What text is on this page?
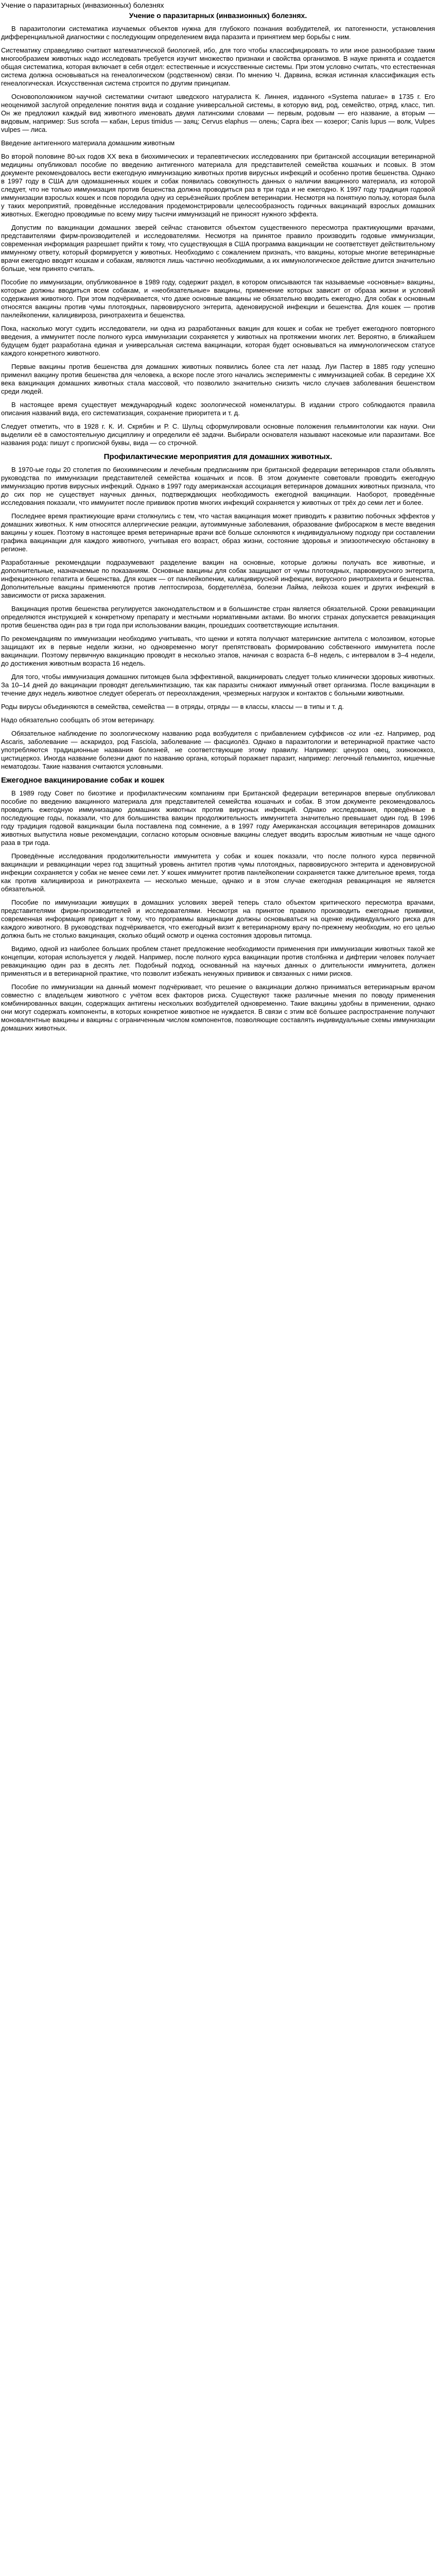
Учение о паразитарных (инвазионных) болезнях
Учение о паразитарных (инвазионных) болезнях.

В паразитологии систематика изучаемых объектов нужна для глубокого познания возбудителей, их патогенности, установления дифференциальной диагностики с последующим определением вида паразита и принятием мер борьбы с ним.

Систематику справедливо считают математической биологией, ибо, для того чтобы классифицировать то или иное разнообразие таким многообразием животных надо исследовать требуется изучит множество признаки и свойства организмов. В науке принята и создается общая систематика, которая включает в себя отдел: естественные и искусственные системы. При этом условно считать, что естественная система должна основываться на генеалогическом (родственном) связи. По мнению Ч. Дарвина, всякая истинная классификация есть генеалогическая. Искусственная система строится по другим принципам.

Основоположником научной систематики считают шведского натуралиста К. Линнея, изданного «Systema naturae» в 1735 г. Его неоценимой заслугой определение понятия вида и создание универсальной системы, в которую вид, род, семейство, отряд, класс, тип. Он же предложил каждый вид животного именовать двумя латинскими словами — первым, родовым — его название, а вторым — видовым, например: Sus scrofa — кабан, Lepus timidus — заяц; Cervus elaphus — олень; Capra ibex — козерог; Canis lupus — волк, Vulpes vulpes — лиса.

Введение антигенного материала домашним животным

Во второй половине 80-ых годов XX века в биохимических и терапевтических исследованиях при британской ассоциации ветеринарной медицины опубликовал пособие по введению антигенного материала для представителей семейства кошачьих и псовых. В этом документе рекомендовалось вести ежегодную иммунизацию животных против вирусных инфекций и особенно против бешенства. Однако в 1997 году в США для одомашненных кошек и собак появилась совокупность данных о наличии вакцинного материала, из которой следует, что не только иммунизация против бешенства должна проводиться раз в три года и не ежегодно. К 1997 году традиция годовой иммунизации взрослых кошек и псов породила одну из серьёзнейших проблем ветеринарии. Несмотря на понятную пользу, которая была у таких мероприятий, проведённые исследования продемонстрировали целесообразность годичных вакцинаций взрослых домашних животных. Ежегодно проводимые по всему миру тысячи иммунизаций не приносят нужного эффекта.

Допустим по вакцинации домашних зверей сейчас становится объектом существенного пересмотра практикующими врачами, представителями фирм-производителей и исследователями. Несмотря на принятое правило производить годовые иммунизации, современная информация разрешает прийти к тому, что существующая в США программа вакцинации не соответствует действительному иммунному ответу, который формируется у животных. Необходимо с сожалением признать, что вакцины, которые многие ветеринарные врачи ежегодно вводят кошкам и собакам, являются лишь частично необходимыми, а их иммунологическое действие длится значительно больше, чем принято считать.

Пособие по иммунизации, опубликованное в 1989 году, содержит раздел, в котором описываются так называемые «основные» вакцины, которые должны вводиться всем собакам, и «необязательные» вакцины, применение которых зависит от образа жизни и условий содержания животного. При этом подчёркивается, что даже основные вакцины не обязательно вводить ежегодно. Для собак к основным относятся вакцины против чумы плотоядных, парвовирусного энтерита, аденовирусной инфекции и бешенства. Для кошек — против панлейкопении, калицивироза, ринотрахеита и бешенства.

Пока, насколько могут судить исследователи, ни одна из разработанных вакцин для кошек и собак не требует ежегодного повторного введения, а иммунитет после полного курса иммунизации сохраняется у животных на протяжении многих лет. Вероятно, в ближайшем будущем будет разработана единая и универсальная система вакцинации, которая будет основываться на иммунологическом статусе каждого конкретного животного.

Первые вакцины против бешенства для домашних животных появились более ста лет назад. Луи Пастер в 1885 году успешно применил вакцину против бешенства для человека, а вскоре после этого начались эксперименты с иммунизацией собак. В середине XX века вакцинация домашних животных стала массовой, что позволило значительно снизить число случаев заболевания бешенством среди людей.

В настоящее время существует международный кодекс зоологической номенклатуры. В издании строго соблюдаются правила описания названий вида, его систематизация, сохранение приоритета и т. д.

Следует отметить, что в 1928 г. К. И. Скрябин и Р. С. Шульц сформулировали основные положения гельминтологии как науки. Они выделили её в самостоятельную дисциплину и определили её задачи. Выбирали основателя называют насекомые или паразитами. Все названия рода: пишут с прописной буквы, вида — со строчной.

Профилактические мероприятия для домашних животных.

В 1970-ые годы 20 столетия по биохимическим и лечебным предписаниям при британской федерации ветеринаров стали объявлять руководства по иммунизации представителей семейства кошачьих и псов. В этом документе советовали проводить ежегодную иммунизацию против вирусных инфекций. Однако в 1997 году американская ассоциация ветеринаров домашних животных признала, что до сих пор не существует научных данных, подтверждающих необходимость ежегодной вакцинации. Наоборот, проведённые исследования показали, что иммунитет после прививок против многих инфекций сохраняется у животных от трёх до семи лет и более.

Последнее время практикующие врачи столкнулись с тем, что частая вакцинация может приводить к развитию побочных эффектов у домашних животных. К ним относятся аллергические реакции, аутоиммунные заболевания, образование фибросарком в месте введения вакцины у кошек. Поэтому в настоящее время ветеринарные врачи всё больше склоняются к индивидуальному подходу при составлении графика вакцинации для каждого животного, учитывая его возраст, образ жизни, состояние здоровья и эпизоотическую обстановку в регионе.

Разработанные рекомендации подразумевают разделение вакцин на основные, которые должны получать все животные, и дополнительные, назначаемые по показаниям. Основные вакцины для собак защищают от чумы плотоядных, парвовирусного энтерита, инфекционного гепатита и бешенства. Для кошек — от панлейкопении, калицивирусной инфекции, вирусного ринотрахеита и бешенства. Дополнительные вакцины применяются против лептоспироза, бордетеллёза, болезни Лайма, лейкоза кошек и других инфекций в зависимости от риска заражения.

Вакцинация против бешенства регулируется законодательством и в большинстве стран является обязательной. Сроки ревакцинации определяются инструкцией к конкретному препарату и местными нормативными актами. Во многих странах допускается ревакцинация против бешенства один раз в три года при использовании вакцин, прошедших соответствующие испытания.

По рекомендациям по иммунизации необходимо учитывать, что щенки и котята получают материнские антитела с молозивом, которые защищают их в первые недели жизни, но одновременно могут препятствовать формированию собственного иммунитета после вакцинации. Поэтому первичную вакцинацию проводят в несколько этапов, начиная с возраста 6–8 недель, с интервалом в 3–4 недели, до достижения животным возраста 16 недель.

Для того, чтобы иммунизация домашних питомцев была эффективной, вакцинировать следует только клинически здоровых животных. За 10–14 дней до вакцинации проводят дегельминтизацию, так как паразиты снижают иммунный ответ организма. После вакцинации в течение двух недель животное следует оберегать от переохлаждения, чрезмерных нагрузок и контактов с больными животными.

Роды вирусы объединяются в семейства, семейства — в отряды, отряды — в классы, классы — в типы и т. д.

Надо обязательно сообщать об этом ветеринару.

Обязательное наблюдение по зоологическому названию рода возбудителя с прибавлением суффиксов -oz или -ez. Например, род Ascaris, заболевание — аскаридоз, род Fasciola, заболевание — фасциолёз. Однако в паразитологии и ветеринарной практике часто употребляются традиционные названия болезней, не соответствующие этому правилу. Например: ценуроз овец, эхинококкоз, цистицеркоз. Иногда название болезни дают по названию органа, который поражает паразит, например: легочный гельминтоз, кишечные нематодозы. Такие названия считаются условными.

Ежегодное вакцинирование собак и кошек

В 1989 году Совет по биоэтике и профилактическим компаниям при Британской федерации ветеринаров впервые опубликовал пособие по введению вакцинного материала для представителей семейства кошачьих и собак. В этом документе рекомендовалось проводить ежегодную иммунизацию домашних животных против вирусных инфекций. Однако исследования, проведённые в последующие годы, показали, что для большинства вакцин продолжительность иммунитета значительно превышает один год. В 1996 году традиция годовой вакцинации была поставлена под сомнение, а в 1997 году Американская ассоциация ветеринаров домашних животных выпустила новые рекомендации, согласно которым основные вакцины следует вводить взрослым животным не чаще одного раза в три года.

Проведённые исследования продолжительности иммунитета у собак и кошек показали, что после полного курса первичной вакцинации и ревакцинации через год защитный уровень антител против чумы плотоядных, парвовирусного энтерита и аденовирусной инфекции сохраняется у собак не менее семи лет. У кошек иммунитет против панлейкопении сохраняется также длительное время, тогда как против калицивироза и ринотрахеита — несколько меньше, однако и в этом случае ежегодная ревакцинация не является обязательной.

Пособие по иммунизации живущих в домашних условиях зверей теперь стало объектом критического пересмотра врачами, представителями фирм-производителей и исследователями. Несмотря на принятое правило производить ежегодные прививки, современная информация приводит к тому, что программы вакцинации должны основываться на оценке индивидуального риска для каждого животного. В руководствах подчёркивается, что ежегодный визит к ветеринарному врачу по-прежнему необходим, но его целью должна быть не столько вакцинация, сколько общий осмотр и оценка состояния здоровья питомца.

Видимо, одной из наиболее больших проблем станет предложение необходимости применения при иммунизации животных такой же концепции, которая используется у людей. Например, после полного курса вакцинации против столбняка и дифтерии человек получает ревакцинацию один раз в десять лет. Подобный подход, основанный на научных данных о длительности иммунитета, должен применяться и в ветеринарной практике, что позволит избежать ненужных прививок и связанных с ними рисков.

Пособие по иммунизации на данный момент подчёркивает, что решение о вакцинации должно приниматься ветеринарным врачом совместно с владельцем животного с учётом всех факторов риска. Существуют также различные мнения по поводу применения комбинированных вакцин, содержащих антигены нескольких возбудителей одновременно. Такие вакцины удобны в применении, однако они могут содержать компоненты, в которых конкретное животное не нуждается. В связи с этим всё большее распространение получают моновалентные вакцины и вакцины с ограниченным числом компонентов, позволяющие составлять индивидуальные схемы иммунизации домашних животных.
